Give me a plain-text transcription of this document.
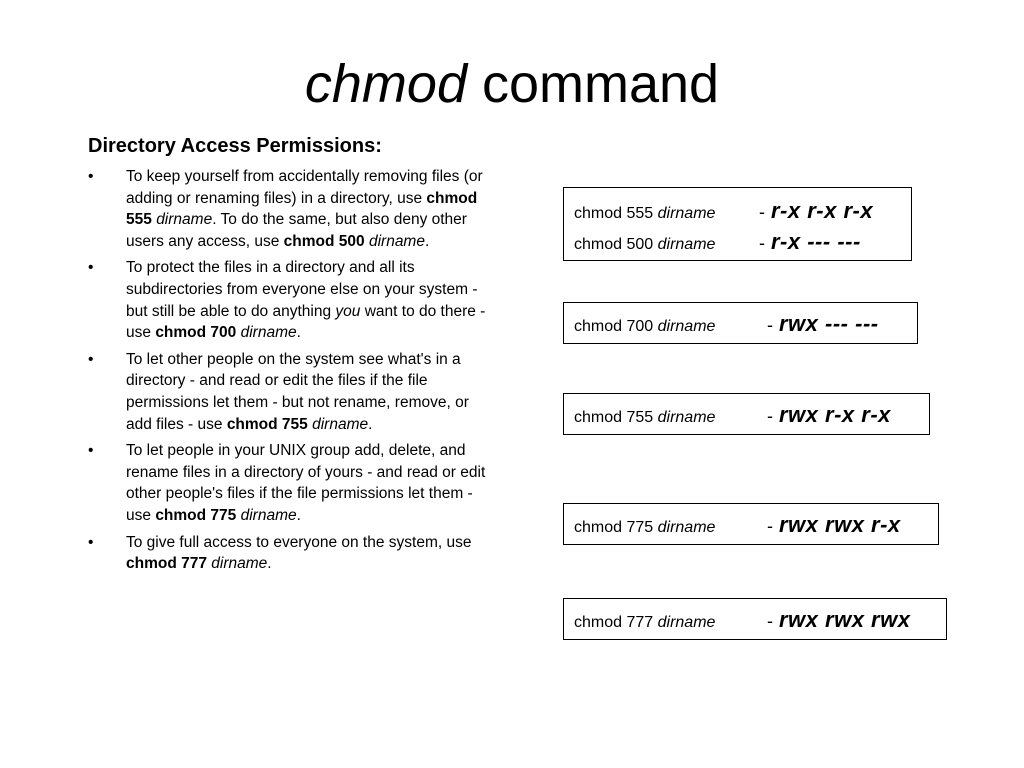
chmod command
Directory Access Permissions:
• To keep yourself from accidentally removing files (or adding or renaming files) in a directory, use chmod 555 dirname. To do the same, but also deny other users any access, use chmod 500 dirname.
• To protect the files in a directory and all its subdirectories from everyone else on your system - but still be able to do anything you want to do there - use chmod 700 dirname.
• To let other people on the system see what's in a directory - and read or edit the files if the file permissions let them - but not rename, remove, or add files - use chmod 755 dirname.
• To let people in your UNIX group add, delete, and rename files in a directory of yours - and read or edit other people's files if the file permissions let them - use chmod 775 dirname.
• To give full access to everyone on the system, use chmod 777 dirname.
chmod 555 dirname	- r-x r-x r-x
chmod 500 dirname	- r-x --- ---
chmod 700 dirname	- rwx --- ---
chmod 755 dirname	- rwx r-x r-x
chmod 775 dirname	- rwx rwx r-x
chmod 777 dirname	- rwx rwx rwx
